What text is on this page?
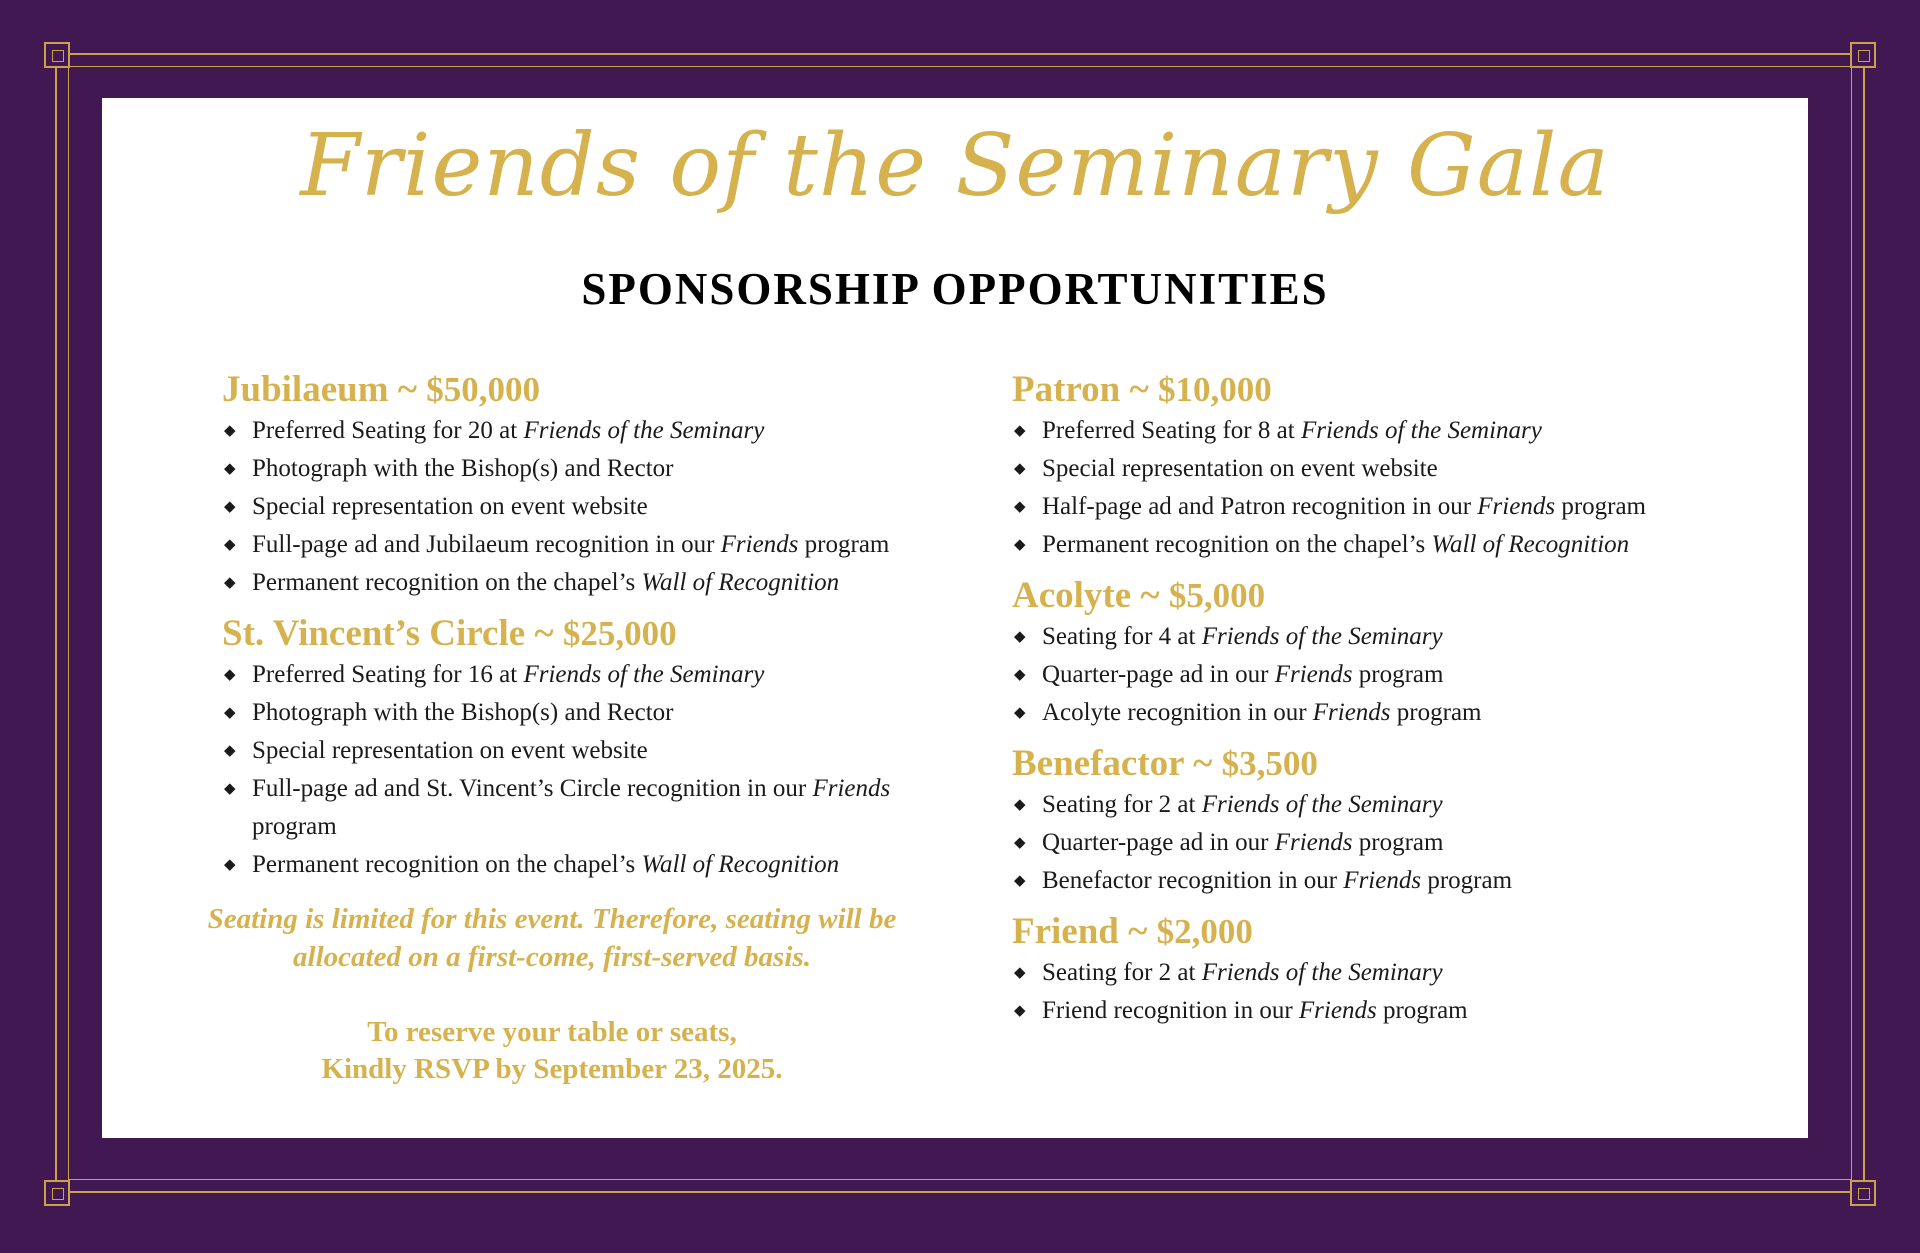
Friends of the Seminary Gala
SPONSORSHIP OPPORTUNITIES
Jubilaeum ~ $50,000
◆ Preferred Seating for 20 at Friends of the Seminary
◆ Photograph with the Bishop(s) and Rector
◆ Special representation on event website
◆ Full-page ad and Jubilaeum recognition in our Friends program
◆ Permanent recognition on the chapel’s Wall of Recognition
St. Vincent’s Circle ~ $25,000
◆ Preferred Seating for 16 at Friends of the Seminary
◆ Photograph with the Bishop(s) and Rector
◆ Special representation on event website
◆ Full-page ad and St. Vincent’s Circle recognition in our Friends program
◆ Permanent recognition on the chapel’s Wall of Recognition
Seating is limited for this event. Therefore, seating will be allocated on a first-come, first-served basis.
To reserve your table or seats,
Kindly RSVP by September 23, 2025.
Patron ~ $10,000
◆ Preferred Seating for 8 at Friends of the Seminary
◆ Special representation on event website
◆ Half-page ad and Patron recognition in our Friends program
◆ Permanent recognition on the chapel’s Wall of Recognition
Acolyte ~ $5,000
◆ Seating for 4 at Friends of the Seminary
◆ Quarter-page ad in our Friends program
◆ Acolyte recognition in our Friends program
Benefactor ~ $3,500
◆ Seating for 2 at Friends of the Seminary
◆ Quarter-page ad in our Friends program
◆ Benefactor recognition in our Friends program
Friend ~ $2,000
◆ Seating for 2 at Friends of the Seminary
◆ Friend recognition in our Friends program
